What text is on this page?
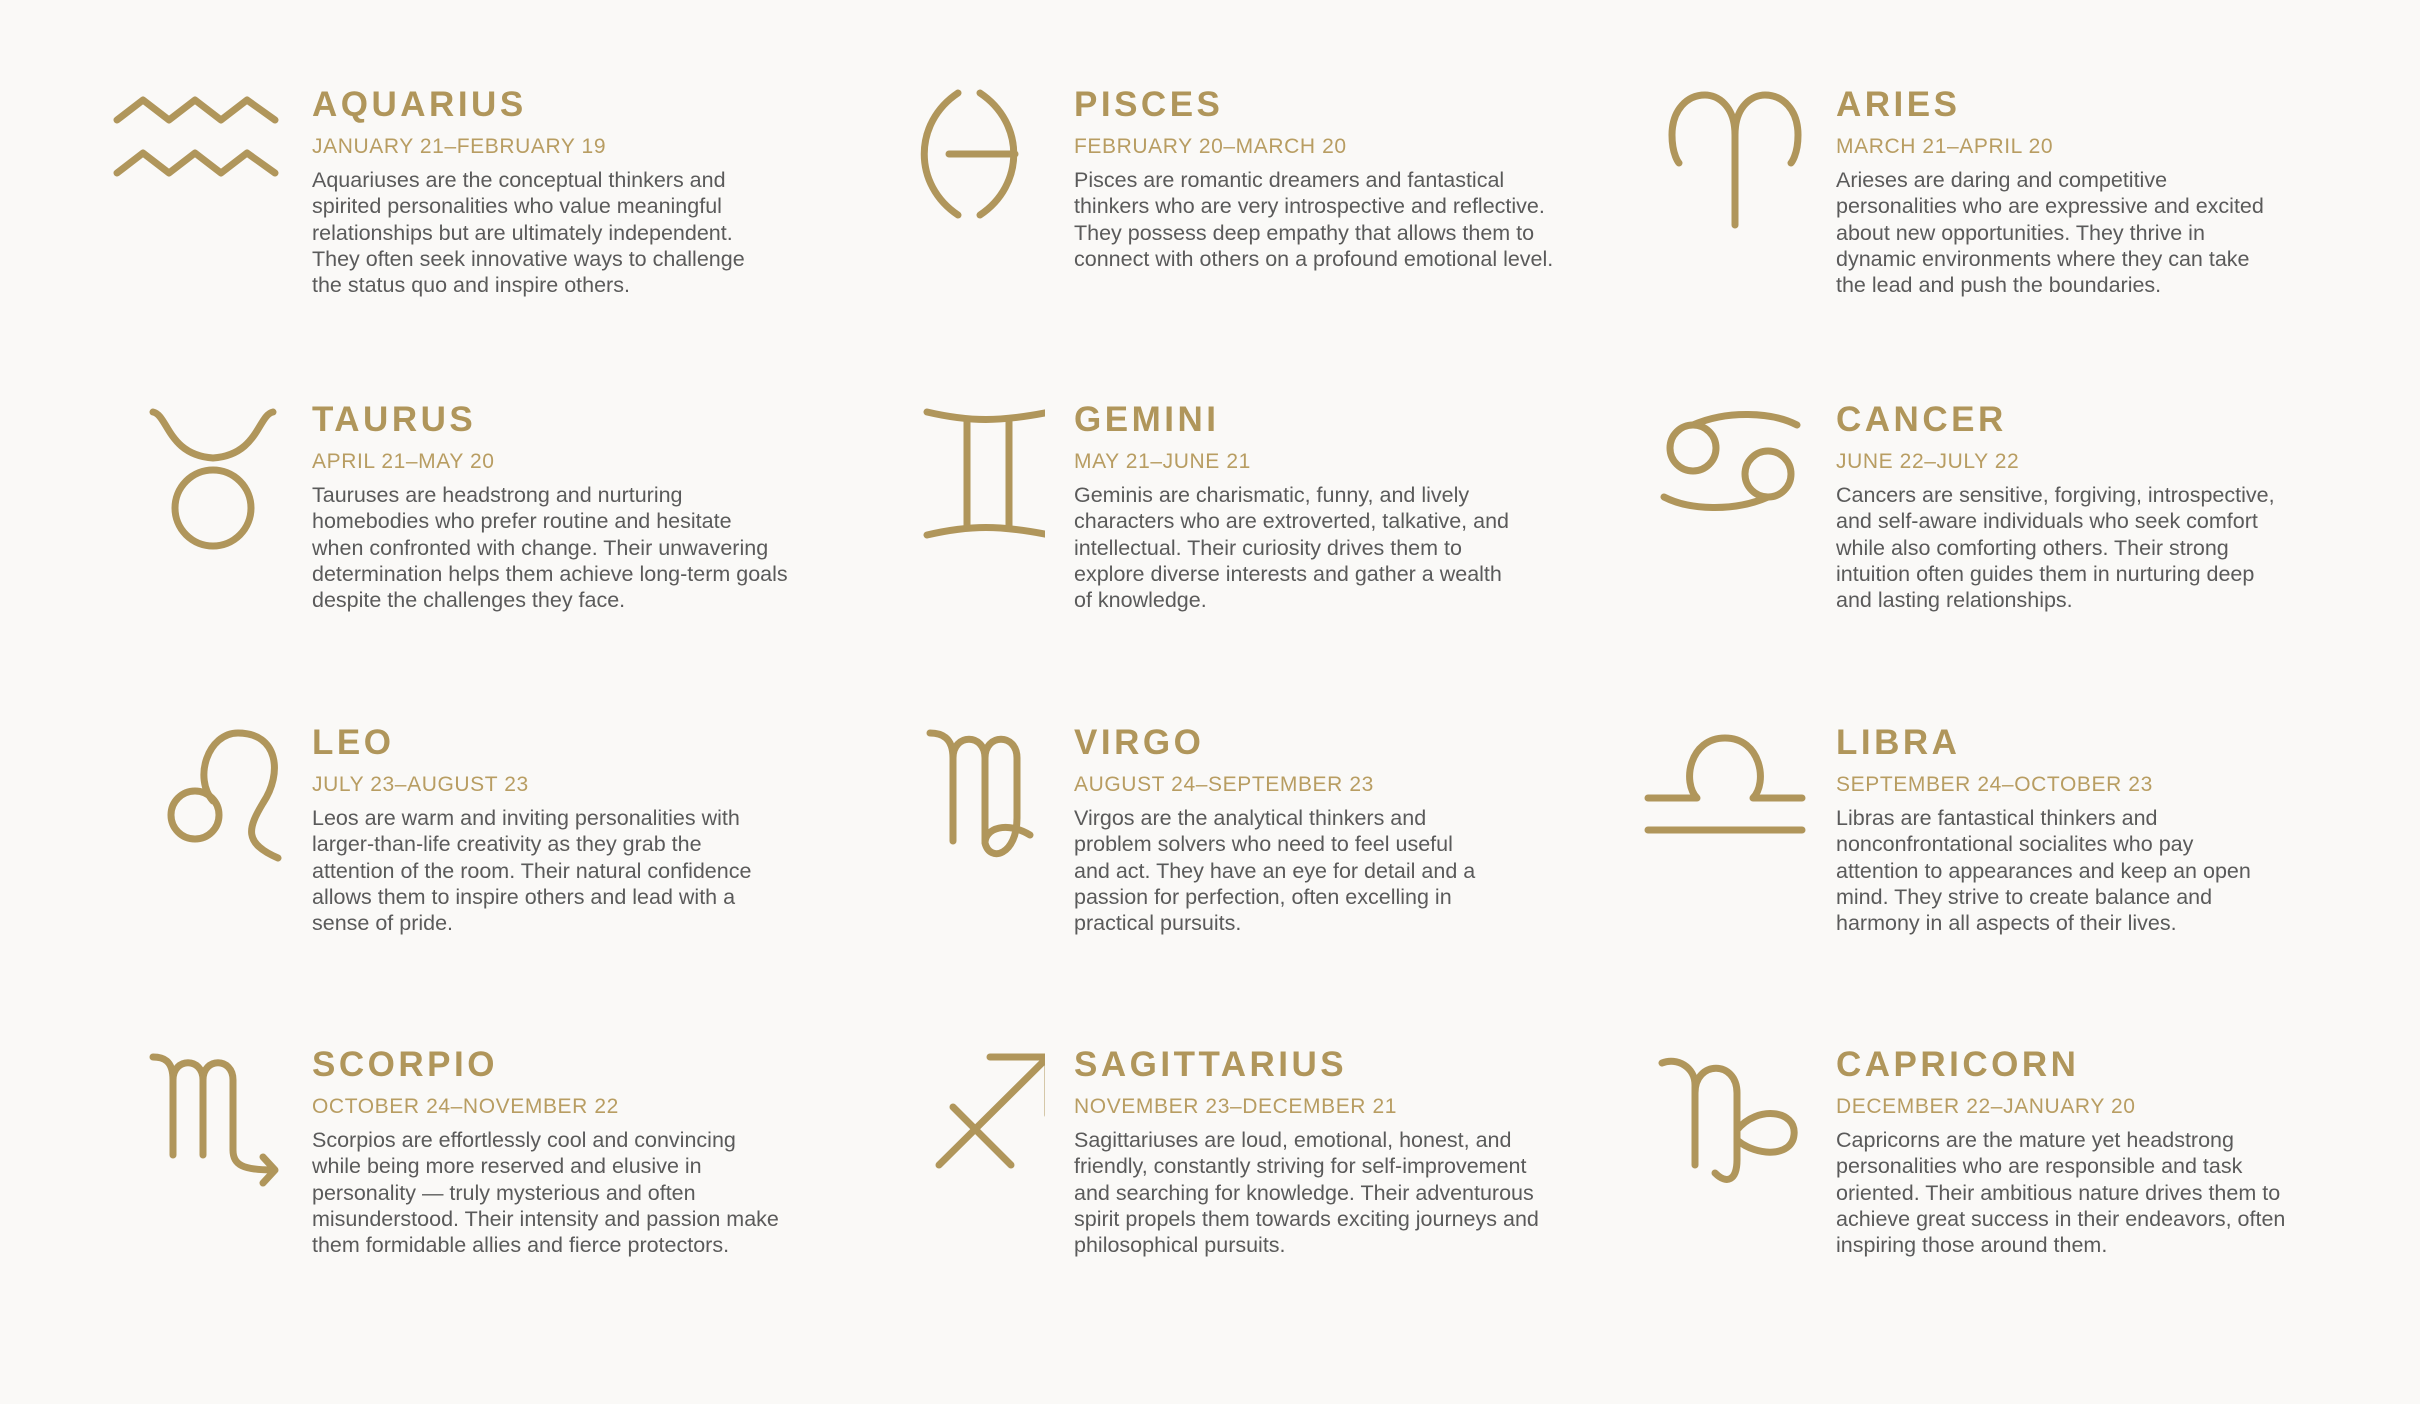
AQUARIUS
JANUARY 21–FEBRUARY 19

Aquariuses are the conceptual thinkers and
spirited personalities who value meaningful
relationships but are ultimately independent.
They often seek innovative ways to challenge
the status quo and inspire others.

PISCES
FEBRUARY 20–MARCH 20

Pisces are romantic dreamers and fantastical
thinkers who are very introspective and reflective.
They possess deep empathy that allows them to
connect with others on a profound emotional level.

ARIES
MARCH 21–APRIL 20

Arieses are daring and competitive
personalities who are expressive and excited
about new opportunities. They thrive in
dynamic environments where they can take
the lead and push the boundaries.

TAURUS
APRIL 21–MAY 20

Tauruses are headstrong and nurturing
homebodies who prefer routine and hesitate
when confronted with change. Their unwavering
determination helps them achieve long-term goals
despite the challenges they face.

GEMINI
MAY 21–JUNE 21

Geminis are charismatic, funny, and lively
characters who are extroverted, talkative, and
intellectual. Their curiosity drives them to
explore diverse interests and gather a wealth
of knowledge.

CANCER
JUNE 22–JULY 22

Cancers are sensitive, forgiving, introspective,
and self-aware individuals who seek comfort
while also comforting others. Their strong
intuition often guides them in nurturing deep
and lasting relationships.

LEO
JULY 23–AUGUST 23

Leos are warm and inviting personalities with
larger-than-life creativity as they grab the
attention of the room. Their natural confidence
allows them to inspire others and lead with a
sense of pride.

VIRGO
AUGUST 24–SEPTEMBER 23

Virgos are the analytical thinkers and
problem solvers who need to feel useful
and act. They have an eye for detail and a
passion for perfection, often excelling in
practical pursuits.

LIBRA
SEPTEMBER 24–OCTOBER 23

Libras are fantastical thinkers and
nonconfrontational socialites who pay
attention to appearances and keep an open
mind. They strive to create balance and
harmony in all aspects of their lives.

SCORPIO
OCTOBER 24–NOVEMBER 22

Scorpios are effortlessly cool and convincing
while being more reserved and elusive in
personality — truly mysterious and often
misunderstood. Their intensity and passion make
them formidable allies and fierce protectors.

SAGITTARIUS
NOVEMBER 23–DECEMBER 21

Sagittariuses are loud, emotional, honest, and
friendly, constantly striving for self-improvement
and searching for knowledge. Their adventurous
spirit propels them towards exciting journeys and
philosophical pursuits.

CAPRICORN
DECEMBER 22–JANUARY 20

Capricorns are the mature yet headstrong
personalities who are responsible and task
oriented. Their ambitious nature drives them to
achieve great success in their endeavors, often
inspiring those around them.
